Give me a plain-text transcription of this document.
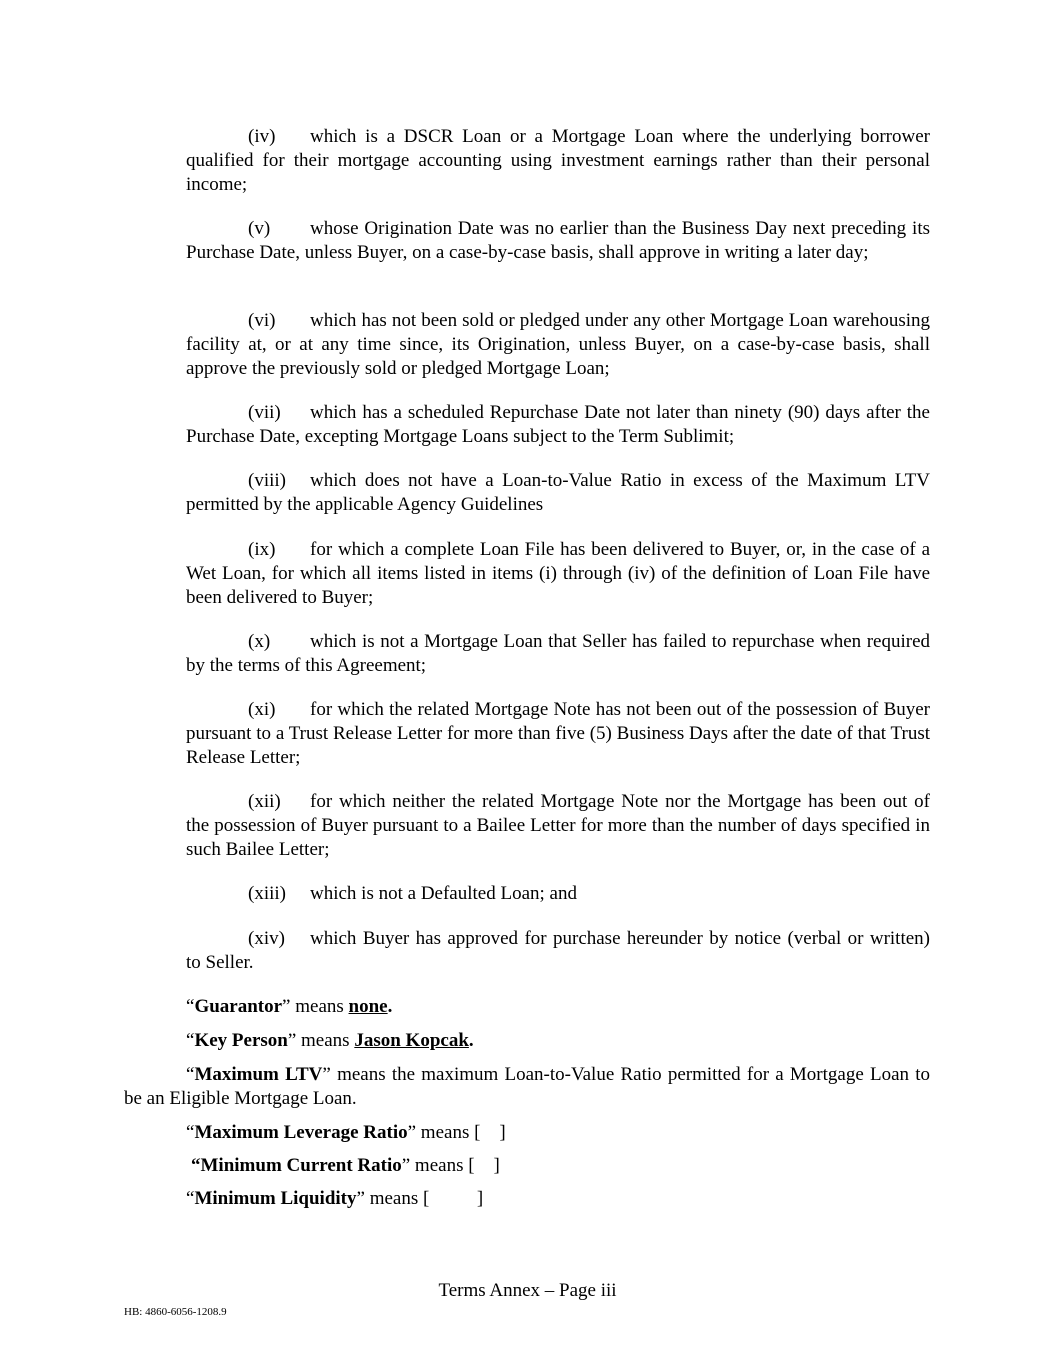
(iv) which is a DSCR Loan or a Mortgage Loan where the underlying borrower qualified for their mortgage accounting using investment earnings rather than their personal income;
(v) whose Origination Date was no earlier than the Business Day next preceding its Purchase Date, unless Buyer, on a case-by-case basis, shall approve in writing a later day;
(vi) which has not been sold or pledged under any other Mortgage Loan warehousing facility at, or at any time since, its Origination, unless Buyer, on a case-by-case basis, shall approve the previously sold or pledged Mortgage Loan;
(vii) which has a scheduled Repurchase Date not later than ninety (90) days after the Purchase Date, excepting Mortgage Loans subject to the Term Sublimit;
(viii) which does not have a Loan-to-Value Ratio in excess of the Maximum LTV permitted by the applicable Agency Guidelines
(ix) for which a complete Loan File has been delivered to Buyer, or, in the case of a Wet Loan, for which all items listed in items (i) through (iv) of the definition of Loan File have been delivered to Buyer;
(x) which is not a Mortgage Loan that Seller has failed to repurchase when required by the terms of this Agreement;
(xi) for which the related Mortgage Note has not been out of the possession of Buyer pursuant to a Trust Release Letter for more than five (5) Business Days after the date of that Trust Release Letter;
(xii) for which neither the related Mortgage Note nor the Mortgage has been out of the possession of Buyer pursuant to a Bailee Letter for more than the number of days specified in such Bailee Letter;
(xiii) which is not a Defaulted Loan; and
(xiv) which Buyer has approved for purchase hereunder by notice (verbal or written) to Seller.
“Guarantor” means none.
“Key Person” means Jason Kopcak.
“Maximum LTV” means the maximum Loan-to-Value Ratio permitted for a Mortgage Loan to be an Eligible Mortgage Loan.
“Maximum Leverage Ratio” means [    ]
“Minimum Current Ratio” means [    ]
“Minimum Liquidity” means [          ]
Terms Annex – Page iii
HB: 4860-6056-1208.9
